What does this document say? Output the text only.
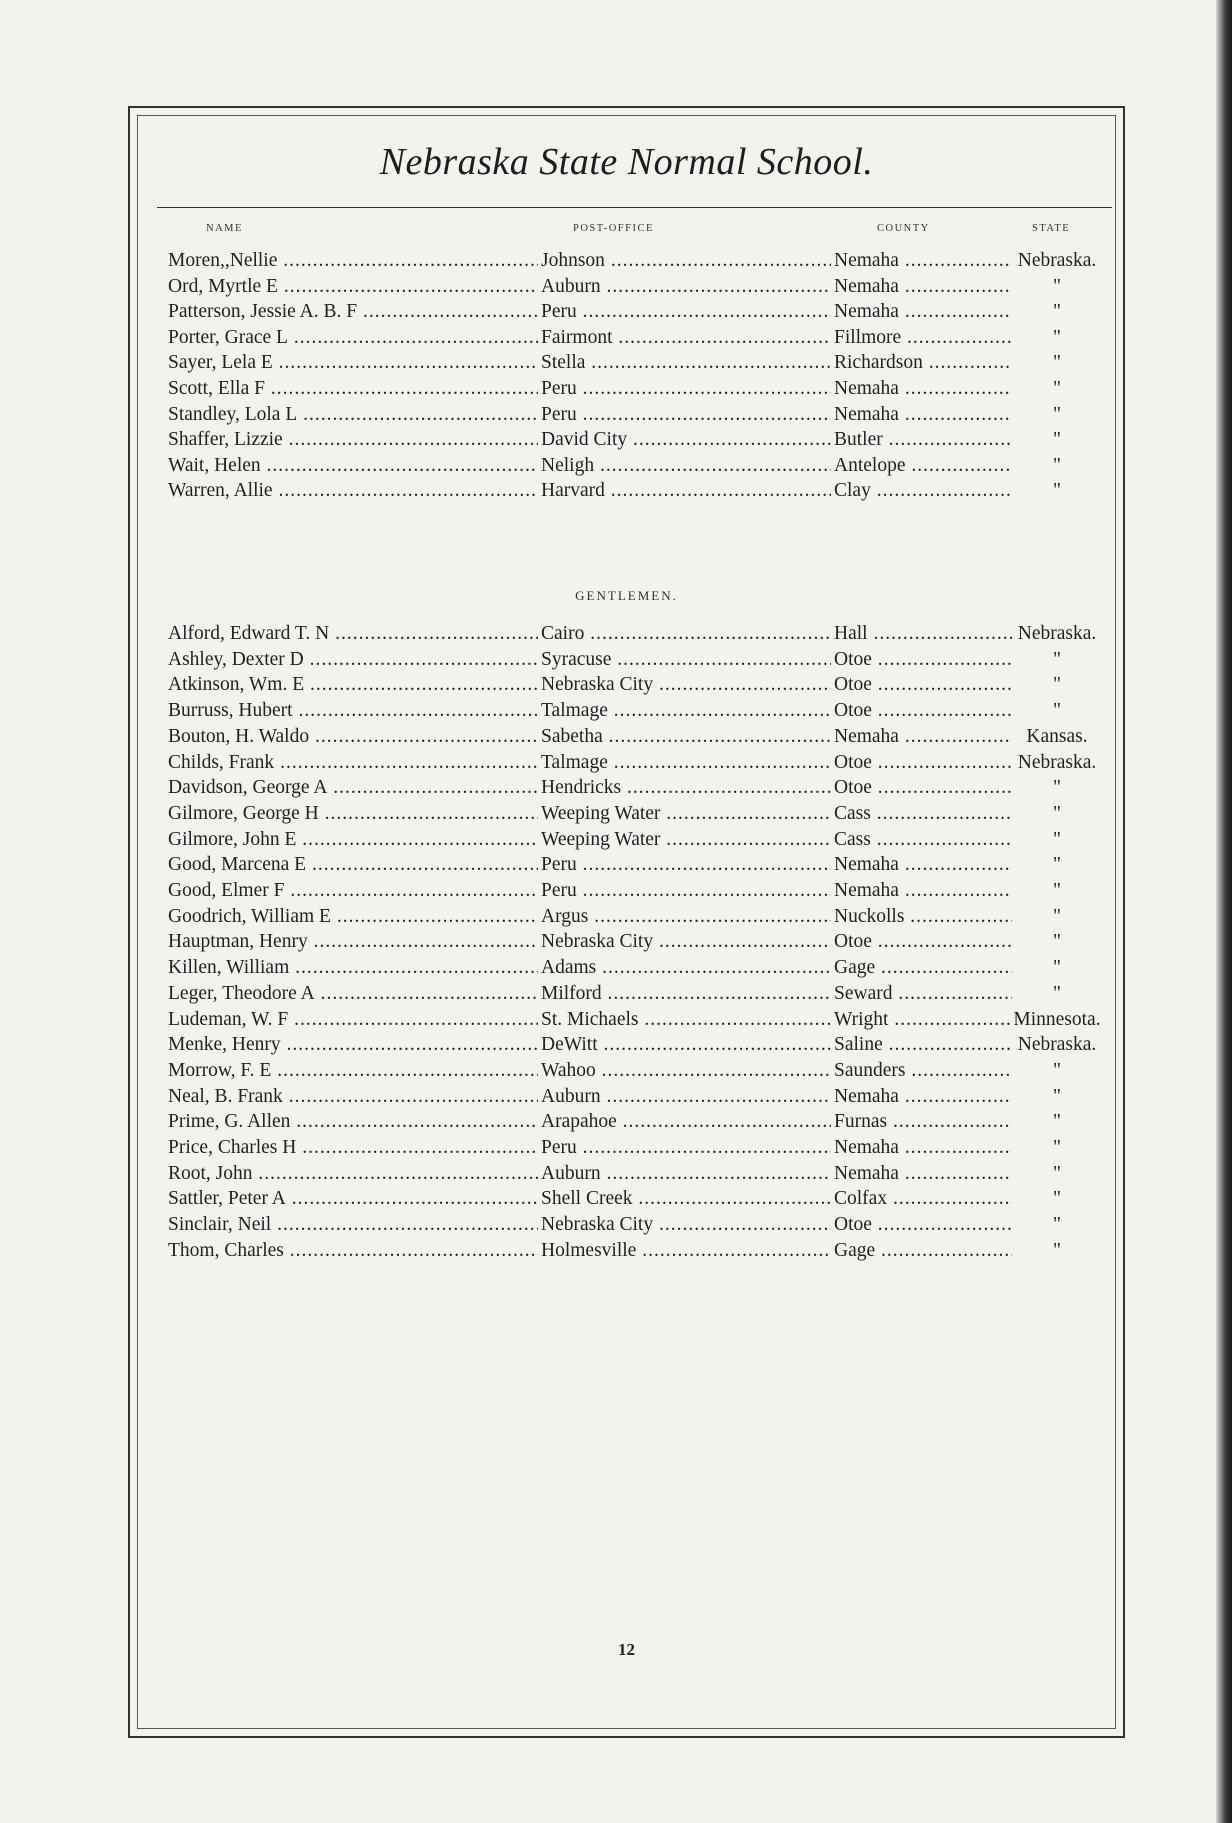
Nebraska State Normal School.
NAME	POST-OFFICE	COUNTY	STATE
Moren,,Nellie .....	Johnson .....	Nemaha .....	Nebraska.
Ord, Myrtle E .....	Auburn .....	Nemaha .....	"
Patterson, Jessie A. B. F .....	Peru .....	Nemaha .....	"
Porter, Grace L .....	Fairmont .....	Fillmore .....	"
Sayer, Lela E .....	Stella .....	Richardson .....	"
Scott, Ella F .....	Peru .....	Nemaha .....	"
Standley, Lola L .....	Peru .....	Nemaha .....	"
Shaffer, Lizzie .....	David City .....	Butler .....	"
Wait, Helen .....	Neligh .....	Antelope .....	"
Warren, Allie .....	Harvard .....	Clay .....	"
GENTLEMEN.
Alford, Edward T. N .....	Cairo .....	Hall .....	Nebraska.
Ashley, Dexter D .....	Syracuse .....	Otoe .....	"
Atkinson, Wm. E .....	Nebraska City .....	Otoe .....	"
Burruss, Hubert .....	Talmage .....	Otoe .....	"
Bouton, H. Waldo .....	Sabetha .....	Nemaha .....	Kansas.
Childs, Frank .....	Talmage .....	Otoe .....	Nebraska.
Davidson, George A .....	Hendricks .....	Otoe .....	"
Gilmore, George H .....	Weeping Water .....	Cass .....	"
Gilmore, John E .....	Weeping Water .....	Cass .....	"
Good, Marcena E .....	Peru .....	Nemaha .....	"
Good, Elmer F .....	Peru .....	Nemaha .....	"
Goodrich, William E .....	Argus .....	Nuckolls .....	"
Hauptman, Henry .....	Nebraska City .....	Otoe .....	"
Killen, William .....	Adams .....	Gage .....	"
Leger, Theodore A .....	Milford .....	Seward .....	"
Ludeman, W. F .....	St. Michaels .....	Wright .....	Minnesota.
Menke, Henry .....	DeWitt .....	Saline .....	Nebraska.
Morrow, F. E .....	Wahoo .....	Saunders .....	"
Neal, B. Frank .....	Auburn .....	Nemaha .....	"
Prime, G. Allen .....	Arapahoe .....	Furnas .....	"
Price, Charles H .....	Peru .....	Nemaha .....	"
Root, John .....	Auburn .....	Nemaha .....	"
Sattler, Peter A .....	Shell Creek .....	Colfax .....	"
Sinclair, Neil .....	Nebraska City .....	Otoe .....	"
Thom, Charles .....	Holmesville .....	Gage .....	"
12
